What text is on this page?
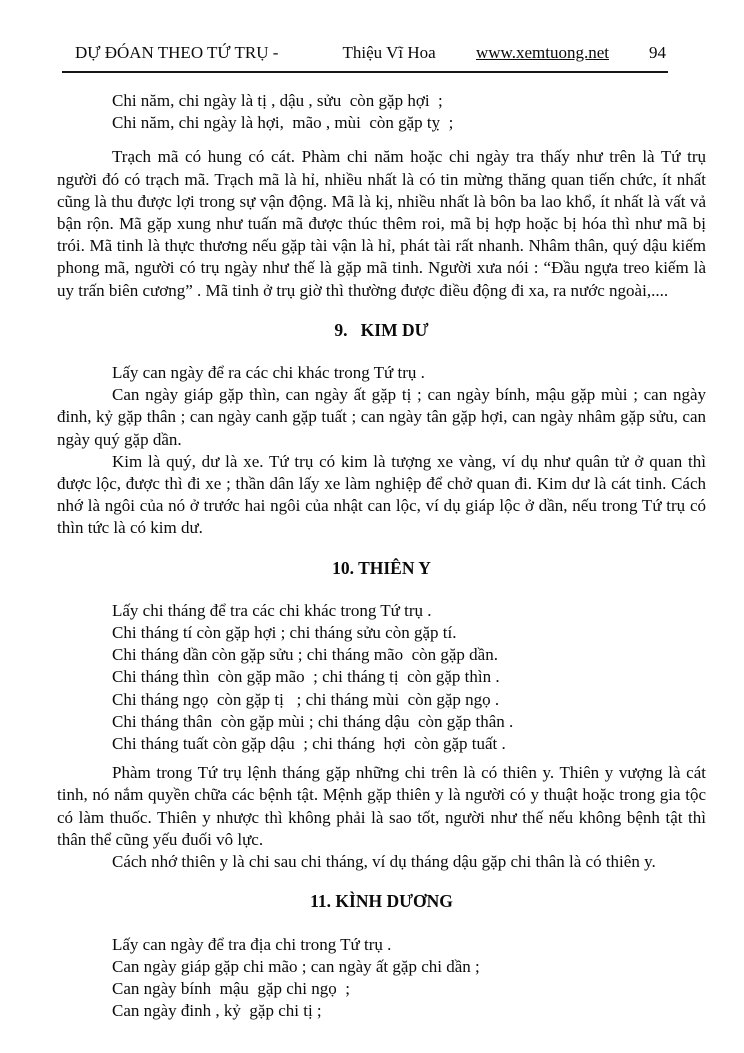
DỰ ĐÓAN THEO TỨ TRỤ -	Thiệu Vĩ Hoa www.xemtuong.net 94

Chi năm, chi ngày là tị , dậu , sửu  còn gặp hợi  ;

Chi năm, chi ngày là hợi,  mão , mùi  còn gặp tỵ  ;

Trạch mã có hung có cát. Phàm chi năm hoặc chi ngày tra thấy như trên là Tứ trụ người đó có trạch mã. Trạch mã là hỉ, nhiều nhất là có tin mừng thăng quan tiến chức, ít nhất cũng là thu được lợi trong sự vận động. Mã là kị, nhiều nhất là bôn ba lao khổ, ít nhất là vất vả bận rộn. Mã gặp xung như tuấn mã được thúc thêm roi, mã bị hợp hoặc bị hóa thì như mã bị trói. Mã tinh là thực thương nếu gặp tài vận là hỉ, phát tài rất nhanh. Nhâm thân, quý dậu kiếm phong mã, người có trụ ngày như thế là gặp mã tinh. Người xưa nói : “Đầu ngựa treo kiếm là uy trấn biên cương” . Mã tinh ở trụ giờ thì thường được điều động đi xa, ra nước ngoài,....

9.   KIM DƯ

Lấy can ngày để ra các chi khác trong Tứ trụ .

Can ngày giáp gặp thìn, can ngày ất gặp tị ; can ngày bính, mậu gặp mùi ; can ngày đinh, kỷ gặp thân ; can ngày canh gặp tuất ; can ngày tân gặp hợi, can ngày nhâm gặp sửu, can ngày quý gặp dần.

Kim là quý, dư là xe. Tứ trụ có kim là tượng xe vàng, ví dụ như quân tử ở quan thì được lộc, được thì đi xe ; thần dân lấy xe làm nghiệp để chở quan đi. Kim dư là cát tinh. Cách nhớ là ngôi của nó ở trước hai ngôi của nhật can lộc, ví dụ giáp lộc ở dần, nếu trong Tứ trụ có thìn tức là có kim dư.

10. THIÊN Y

Lấy chi tháng để tra các chi khác trong Tứ trụ .

Chi tháng tí còn gặp hợi ; chi tháng sửu còn gặp tí.

Chi tháng dần còn gặp sửu ; chi tháng mão  còn gặp dần.

Chi tháng thìn  còn gặp mão  ; chi tháng tị  còn gặp thìn .

Chi tháng ngọ  còn gặp tị   ; chi tháng mùi  còn gặp ngọ .

Chi tháng thân  còn gặp mùi ; chi tháng dậu  còn gặp thân .

Chi tháng tuất còn gặp dậu  ; chi tháng  hợi  còn gặp tuất .

Phàm trong Tứ trụ lệnh tháng gặp những chi trên là có thiên y. Thiên y vượng là cát tinh, nó nắm quyền chữa các bệnh tật. Mệnh gặp thiên y là người có y thuật hoặc trong gia tộc có làm thuốc. Thiên y nhược thì không phải là sao tốt, người như thế nếu không bệnh tật thì thân thể cũng yếu đuối vô lực.

Cách nhớ thiên y là chi sau chi tháng, ví dụ tháng dậu gặp chi thân là có thiên y.

11. KÌNH DƯƠNG

Lấy can ngày để tra địa chi trong Tứ trụ .

Can ngày giáp gặp chi mão ; can ngày ất gặp chi dần ;

Can ngày bính  mậu  gặp chi ngọ  ;

Can ngày đinh , kỷ  gặp chi tị ;
